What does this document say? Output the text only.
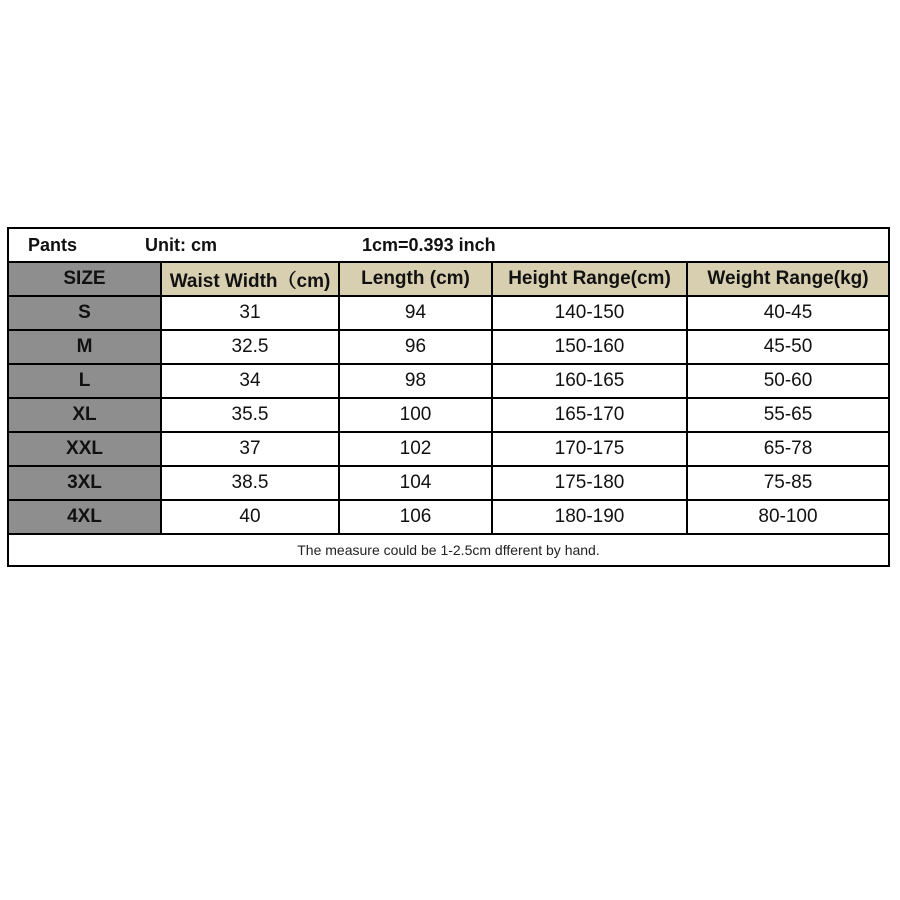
Pants	Unit: cm	1cm=0.393 inch
SIZE	Waist Width（cm)	Length (cm)	Height Range(cm)	Weight Range(kg)
S	31	94	140-150	40-45
M	32.5	96	150-160	45-50
L	34	98	160-165	50-60
XL	35.5	100	165-170	55-65
XXL	37	102	170-175	65-78
3XL	38.5	104	175-180	75-85
4XL	40	106	180-190	80-100
The measure could be 1-2.5cm dfferent by hand.
